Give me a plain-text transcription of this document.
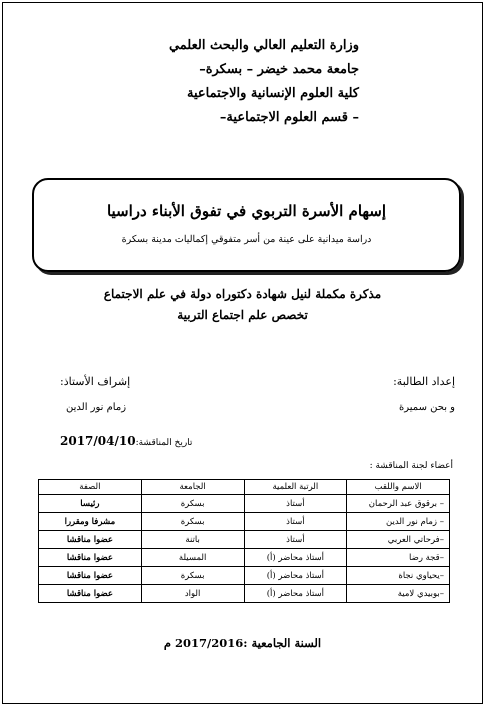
وزارة التعليم العالي والبحث العلمي
جامعة محمد خيضر – بسكرة–
كلية العلوم الإنسانية والاجتماعية
– قسم العلوم الاجتماعية–
إسهام الأسرة التربوي في تفوق الأبناء دراسيا
دراسة ميدانية على عينة من أسر متفوقي إكماليات مدينة بسكرة
مذكرة مكملة لنيل شهادة دكتوراه دولة في علم الاجتماع
تخصص علم اجتماع التربية
إعداد الطالبة:
و بحن سميرة
إشراف الأستاذ:
زمام نور الدين
تاريخ المناقشة:2017/04/10
أعضاء لجنة المناقشة :
الاسم واللقب	الرتبة العلمية	الجامعة	الصفة
– برقوق عبد الرحمان	أستاذ	بسكرة	رئيسا
– زمام نور الدين	أستاذ	بسكرة	مشرفا ومقررا
–فرحاتي العربي	أستاذ	باتنة	عضوا مناقشا
–قجة رضا	أستاذ محاضر (أ)	المسيلة	عضوا مناقشا
–يحياوي نجاة	أستاذ محاضر (أ)	بسكرة	عضوا مناقشا
–بوبيدي لامية	أستاذ محاضر (أ)	الواد	عضوا مناقشا
السنة الجامعية :2017/2016 م
